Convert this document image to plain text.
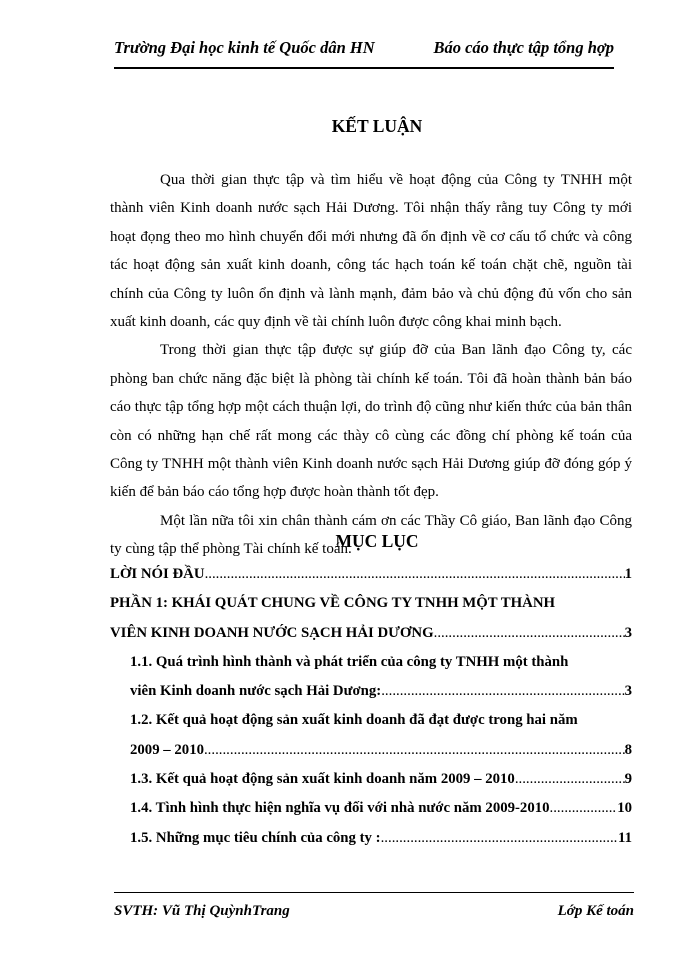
Trường Đại học kinh tế Quốc dân HN	Báo cáo thực tập tổng hợp
KẾT LUẬN

Qua thời gian thực tập và tìm hiểu về hoạt động của Công ty TNHH một thành viên Kinh doanh nước sạch Hải Dương. Tôi nhận thấy rằng tuy Công ty mới hoạt đọng theo mo hình chuyển đổi mới nhưng đã ổn định về cơ cấu tổ chức và công tác hoạt động sản xuất kinh doanh, công tác hạch toán kế toán chặt chẽ, nguồn tài chính của Công ty luôn ổn định và lành mạnh, đảm bảo và chủ động đủ vốn cho sản xuất kinh doanh, các quy định về tài chính luôn được công khai minh bạch.

Trong thời gian thực tập được sự giúp đỡ của Ban lãnh đạo Công ty, các phòng ban chức năng đặc biệt là phòng tài chính kế toán. Tôi đã hoàn thành bản báo cáo thực tập tổng hợp một cách thuận lợi, do trình độ cũng như kiến thức của bản thân còn có những hạn chế rất mong các thày cô cùng các đồng chí phòng kế toán của Công ty TNHH một thành viên Kinh doanh nước sạch Hải Dương giúp đỡ đóng góp ý kiến để bản báo cáo tổng hợp được hoàn thành tốt đẹp.

Một lần nữa tôi xin chân thành cám ơn các Thầy Cô giáo, Ban lãnh đạo Công ty cùng tập thể phòng Tài chính kế toán.

MỤC LỤC
LỜI NÓI ĐẦU .....	1
PHẦN 1: KHÁI QUÁT CHUNG VỀ CÔNG TY TNHH MỘT THÀNH
VIÊN KINH DOANH NƯỚC SẠCH HẢI DƯƠNG .....	3
1.1. Quá trình hình thành và phát triển của công ty TNHH một thành
viên Kinh doanh nước sạch Hải Dương: .....	3
1.2. Kết quả hoạt động sản xuất kinh doanh đã đạt được trong hai năm
2009 – 2010 .....	8
1.3. Kết quả hoạt động sản xuất kinh doanh năm 2009 – 2010 .....	9
1.4. Tình hình thực hiện nghĩa vụ đối với nhà nước năm 2009-2010 .....	10
1.5. Những mục tiêu chính của công ty : .....	11
SVTH: Vũ Thị QuỳnhTrang	Lớp Kế toán
